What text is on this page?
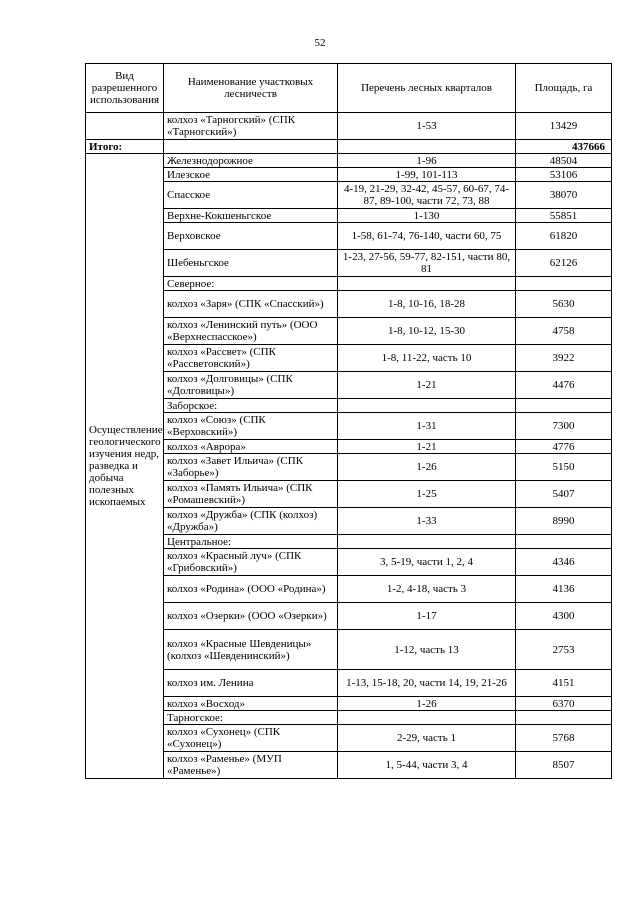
52
Вид разрешенного использования	Наименование участковых лесничеств	Перечень лесных кварталов	Площадь, га
	колхоз «Тарногский» (СПК «Тарногский»)	1-53	13429
Итого:			437666
Осуществление геологического изучения недр, разведка и добыча полезных ископаемых	Железнодорожное	1-96	48504
	Илезское	1-99, 101-113	53106
	Спасское	4-19, 21-29, 32-42, 45-57, 60-67, 74-87, 89-100, части 72, 73, 88	38070
	Верхне-Кокшеньгское	1-130	55851
	Верховское	1-58, 61-74, 76-140, части 60, 75	61820
	Шебеньгское	1-23, 27-56, 59-77, 82-151, части 80, 81	62126
	Северное:		
	колхоз «Заря» (СПК «Спасский»)	1-8, 10-16, 18-28	5630
	колхоз «Ленинский путь» (ООО «Верхнеспасское»)	1-8, 10-12, 15-30	4758
	колхоз «Рассвет» (СПК «Рассветовский»)	1-8, 11-22, часть 10	3922
	колхоз «Долговицы» (СПК «Долговицы»)	1-21	4476
	Заборское:		
	колхоз «Союз» (СПК «Верховский»)	1-31	7300
	колхоз «Аврора»	1-21	4776
	колхоз «Завет Ильича» (СПК «Заборье»)	1-26	5150
	колхоз «Память Ильича» (СПК «Ромашевский»)	1-25	5407
	колхоз «Дружба» (СПК (колхоз) «Дружба»)	1-33	8990
	Центральное:		
	колхоз «Красный луч» (СПК «Грибовский»)	3, 5-19, части 1, 2, 4	4346
	колхоз «Родина» (ООО «Родина»)	1-2, 4-18, часть 3	4136
	колхоз «Озерки» (ООО «Озерки»)	1-17	4300
	колхоз «Красные Шевденицы» (колхоз «Шевденинский»)	1-12, часть 13	2753
	колхоз им. Ленина	1-13, 15-18, 20, части 14, 19, 21-26	4151
	колхоз «Восход»	1-26	6370
	Тарногское:		
	колхоз «Сухонец» (СПК «Сухонец»)	2-29, часть 1	5768
	колхоз «Раменье» (МУП «Раменье»)	1, 5-44, части 3, 4	8507
